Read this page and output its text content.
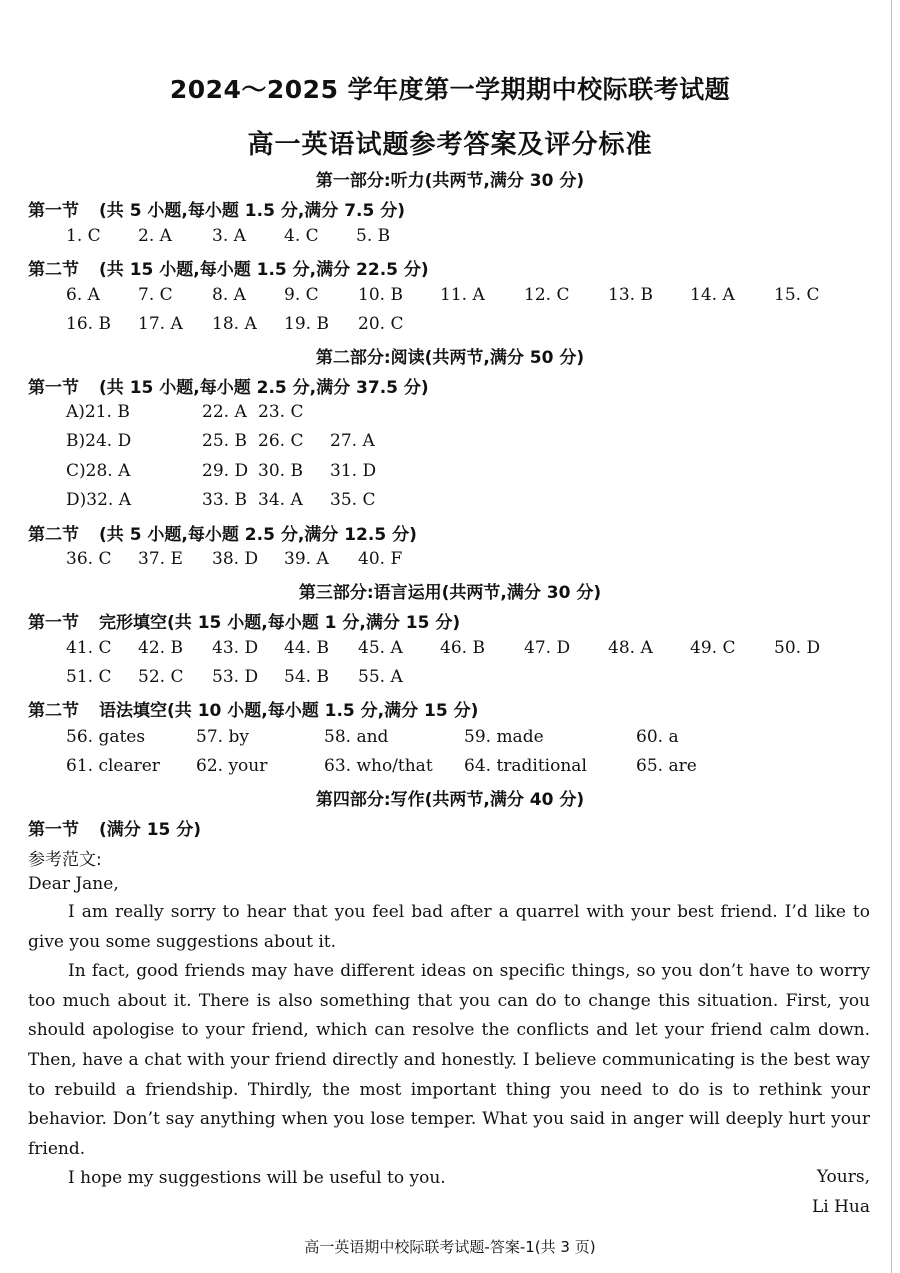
2024～2025 学年度第一学期期中校际联考试题
高一英语试题参考答案及评分标准
第一部分:听力(共两节,满分 30 分)
第一节 (共 5 小题,每小题 1.5 分,满分 7.5 分)
1. C 2. A 3. A 4. C 5. B
第二节 (共 15 小题,每小题 1.5 分,满分 22.5 分)
6. A 7. C 8. A 9. C 10. B 11. A 12. C 13. B 14. A 15. C
16. B 17. A 18. A 19. B 20. C
第二部分:阅读(共两节,满分 50 分)
第一节 (共 15 小题,每小题 2.5 分,满分 37.5 分)
A)21. B	22. A 23. C
B)24. D	25. B 26. C 27. A
C)28. A	29. D 30. B 31. D
D)32. A	33. B 34. A 35. C
第二节 (共 5 小题,每小题 2.5 分,满分 12.5 分)
36. C 37. E 38. D 39. A 40. F
第三部分:语言运用(共两节,满分 30 分)
第一节 完形填空(共 15 小题,每小题 1 分,满分 15 分)
41. C 42. B 43. D 44. B 45. A 46. B 47. D 48. A 49. C 50. D
51. C 52. C 53. D 54. B 55. A
第二节 语法填空(共 10 小题,每小题 1.5 分,满分 15 分)
56. gates	57. by	58. and	59. made	60. a
61. clearer 62. your	63. who/that 64. traditional	65. are
第四部分:写作(共两节,满分 40 分)
第一节 (满分 15 分)
参考范文:
Dear Jane,

I am really sorry to hear that you feel bad after a quarrel with your best friend. I’d like to give you some suggestions about it.

In fact, good friends may have different ideas on specific things, so you don’t have to worry too much about it. There is also something that you can do to change this situation. First, you should apologise to your friend, which can resolve the conflicts and let your friend calm down. Then, have a chat with your friend directly and honestly. I believe communicating is the best way to rebuild a friendship. Thirdly, the most important thing you need to do is to rethink your behavior. Don’t say anything when you lose temper. What you said in anger will deeply hurt your friend.

I hope my suggestions will be useful to you.	Yours,
Li Hua
高一英语期中校际联考试题-答案-1(共 3 页)
